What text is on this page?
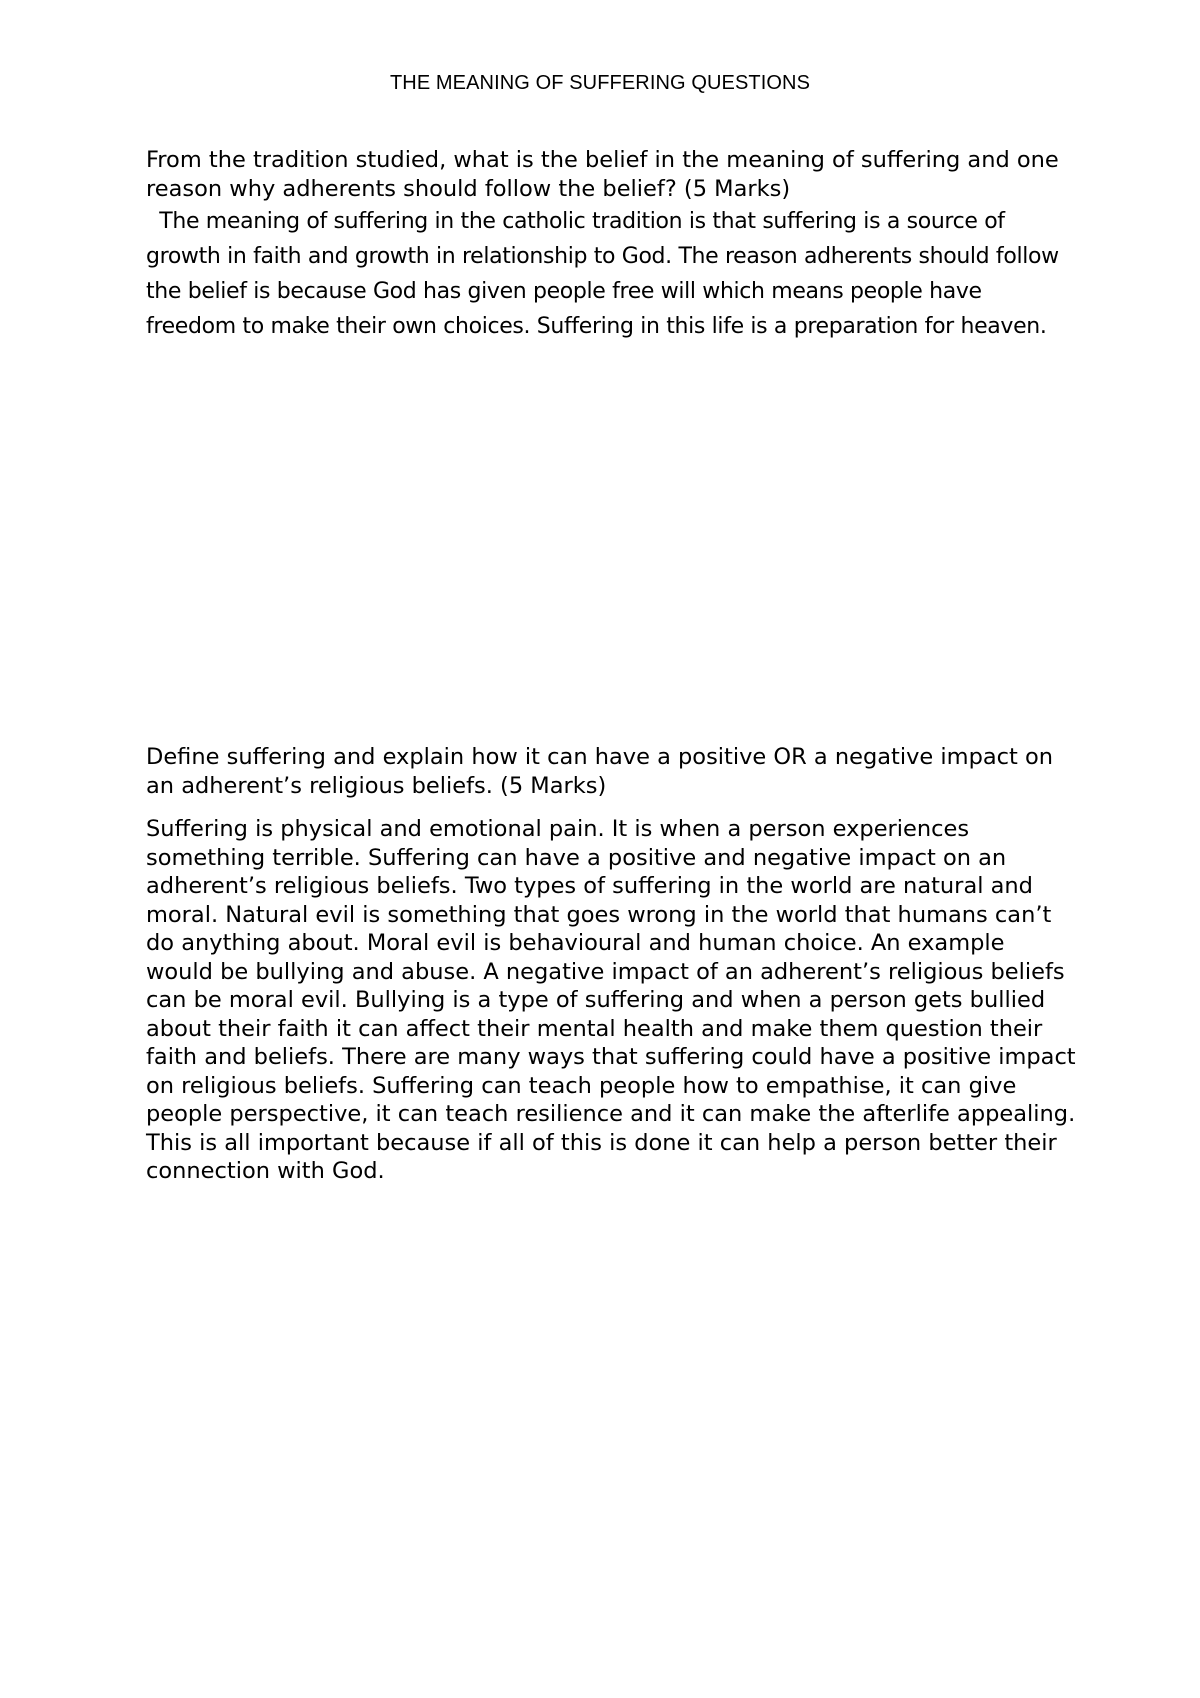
THE MEANING OF SUFFERING QUESTIONS

From the tradition studied, what is the belief in the meaning of suffering and one reason why adherents should follow the belief? (5 Marks)

The meaning of suffering in the catholic tradition is that suffering is a source of growth in faith and growth in relationship to God. The reason adherents should follow the belief is because God has given people free will which means people have freedom to make their own choices. Suffering in this life is a preparation for heaven.

Define suffering and explain how it can have a positive OR a negative impact on an adherent’s religious beliefs. (5 Marks)

Suffering is physical and emotional pain. It is when a person experiences something terrible. Suffering can have a positive and negative impact on an adherent’s religious beliefs. Two types of suffering in the world are natural and moral. Natural evil is something that goes wrong in the world that humans can’t do anything about. Moral evil is behavioural and human choice. An example would be bullying and abuse. A negative impact of an adherent’s religious beliefs can be moral evil. Bullying is a type of suffering and when a person gets bullied about their faith it can affect their mental health and make them question their faith and beliefs. There are many ways that suffering could have a positive impact on religious beliefs. Suffering can teach people how to empathise, it can give people perspective, it can teach resilience and it can make the afterlife appealing. This is all important because if all of this is done it can help a person better their connection with God.
